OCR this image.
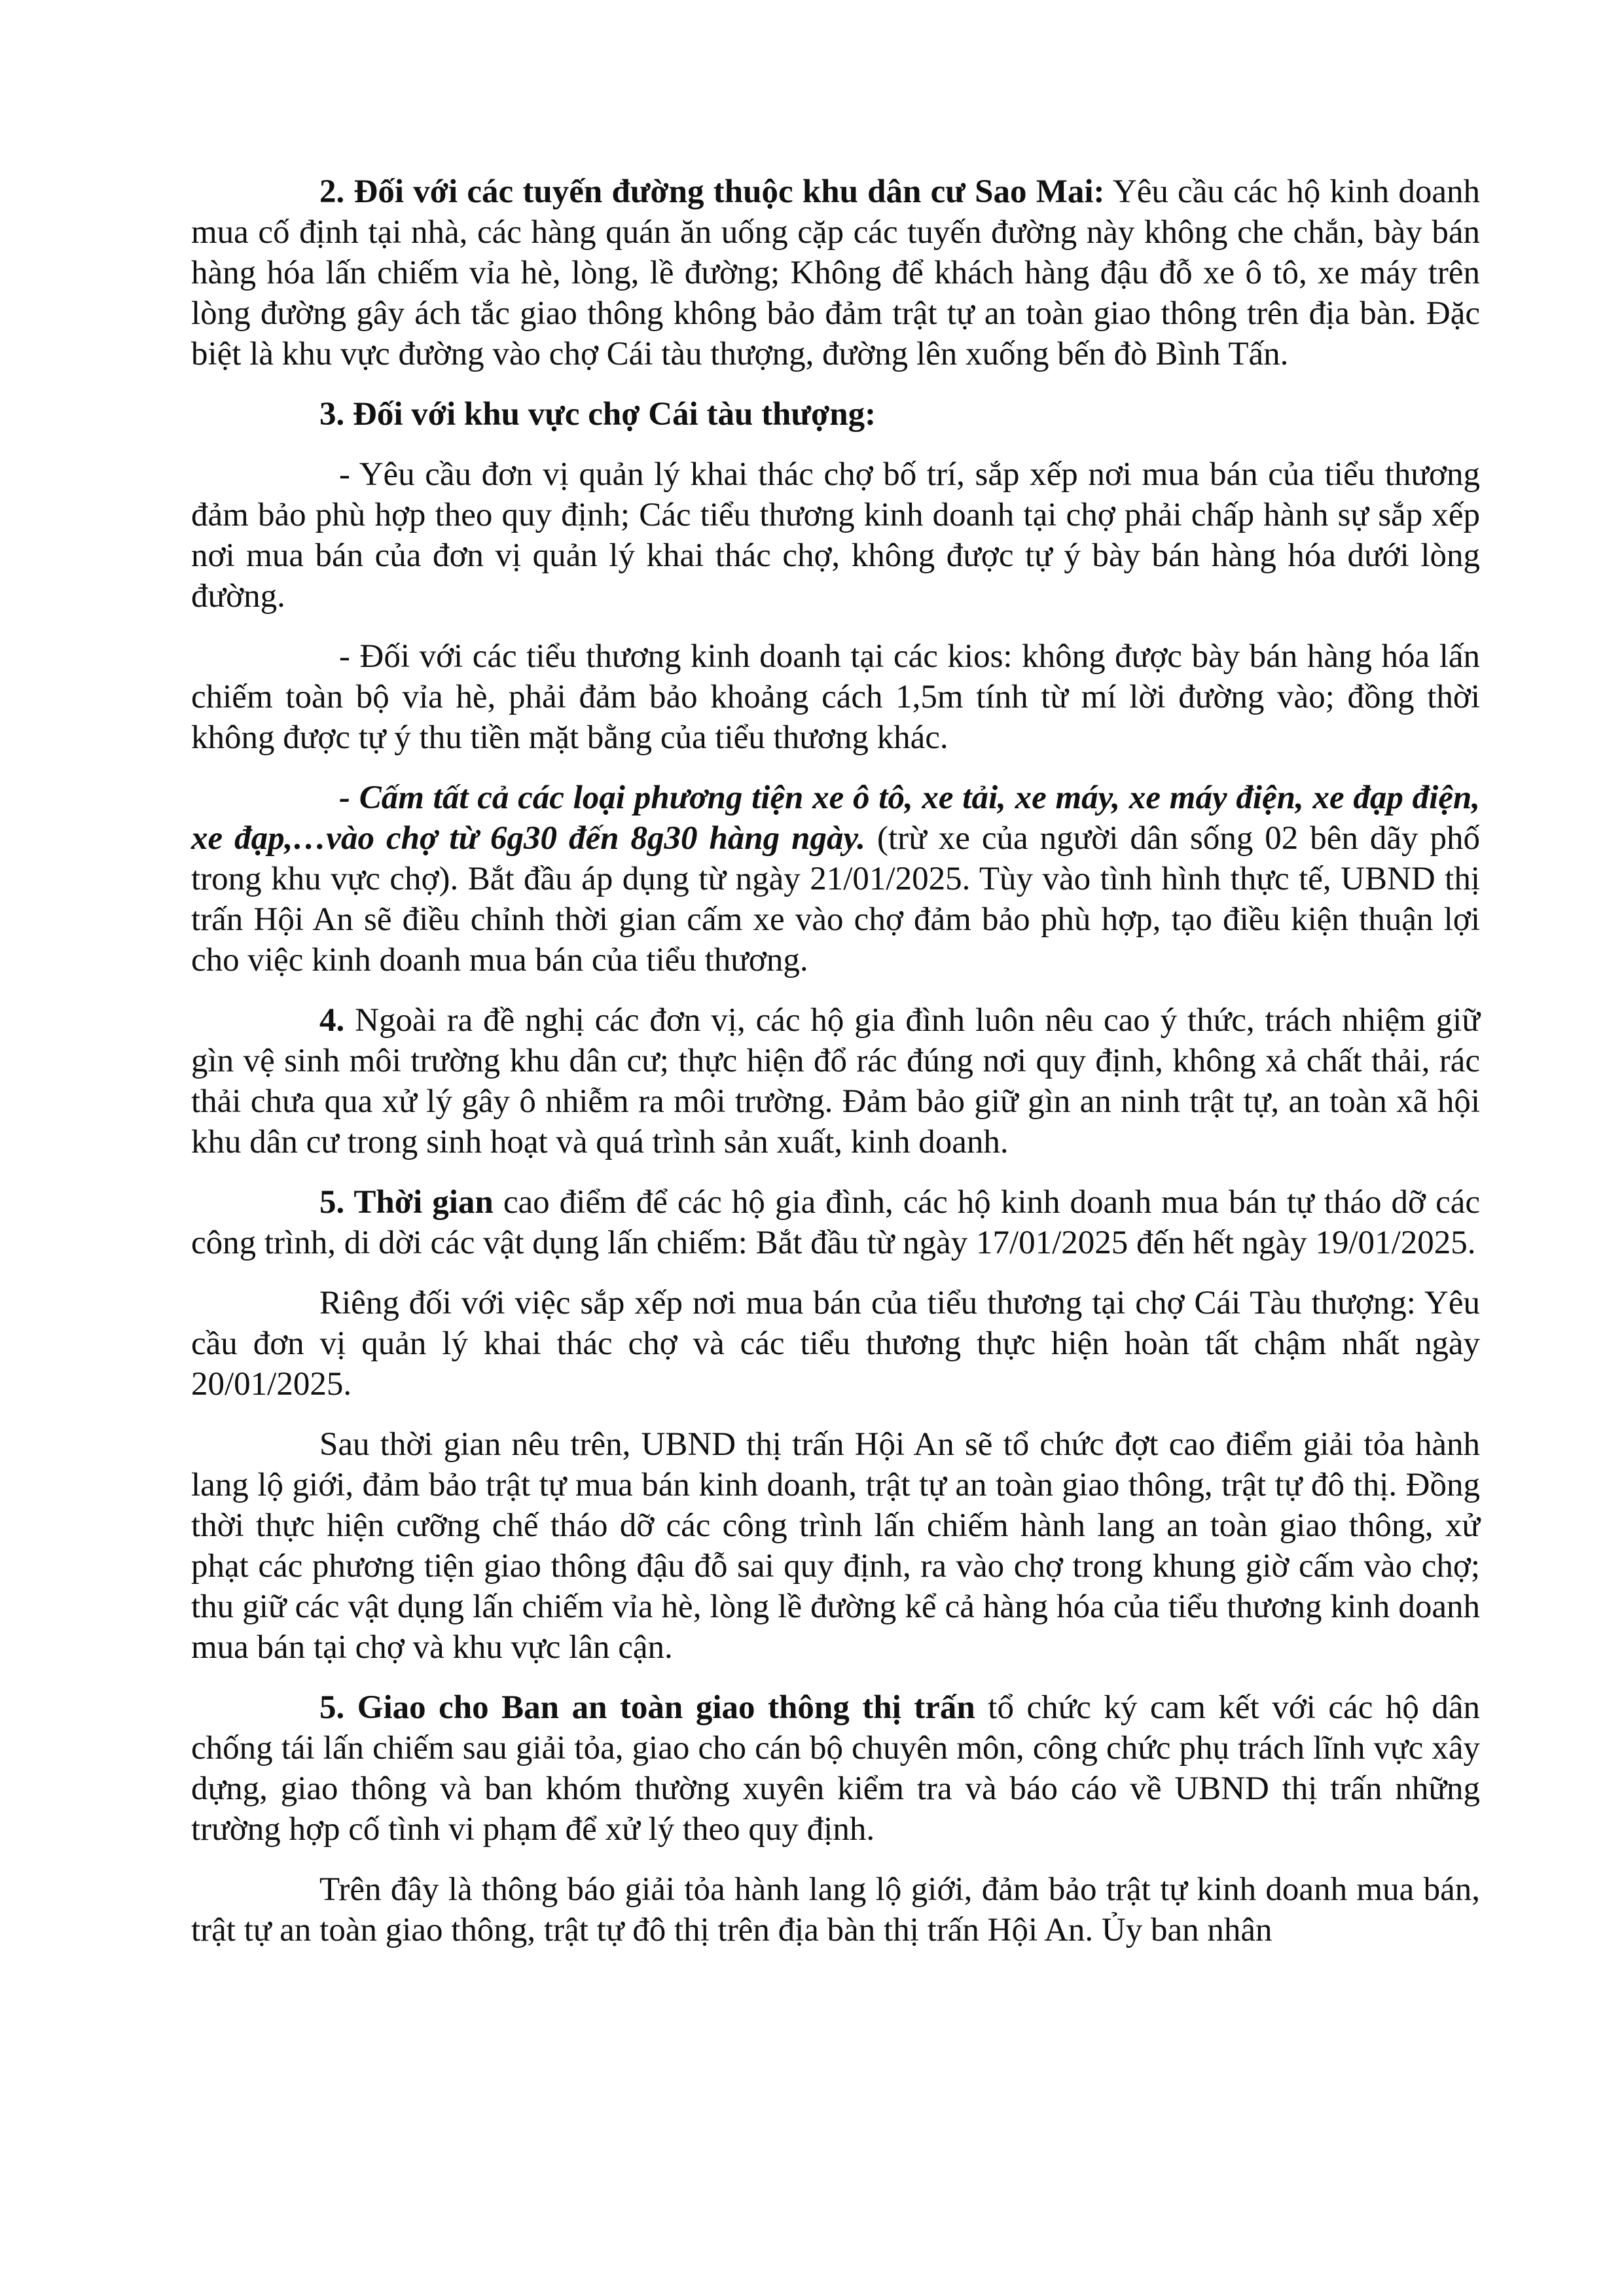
2. Đối với các tuyến đường thuộc khu dân cư Sao Mai: Yêu cầu các hộ kinh doanh mua cố định tại nhà, các hàng quán ăn uống cặp các tuyến đường này không che chắn, bày bán hàng hóa lấn chiếm vỉa hè, lòng, lề đường; Không để khách hàng đậu đỗ xe ô tô, xe máy trên lòng đường gây ách tắc giao thông không bảo đảm trật tự an toàn giao thông trên địa bàn. Đặc biệt là khu vực đường vào chợ Cái tàu thượng, đường lên xuống bến đò Bình Tấn.

3. Đối với khu vực chợ Cái tàu thượng:

- Yêu cầu đơn vị quản lý khai thác chợ bố trí, sắp xếp nơi mua bán của tiểu thương đảm bảo phù hợp theo quy định; Các tiểu thương kinh doanh tại chợ phải chấp hành sự sắp xếp nơi mua bán của đơn vị quản lý khai thác chợ, không được tự ý bày bán hàng hóa dưới lòng đường.

- Đối với các tiểu thương kinh doanh tại các kios: không được bày bán hàng hóa lấn chiếm toàn bộ vỉa hè, phải đảm bảo khoảng cách 1,5m tính từ mí lời đường vào; đồng thời không được tự ý thu tiền mặt bằng của tiểu thương khác.

- Cấm tất cả các loại phương tiện xe ô tô, xe tải, xe máy, xe máy điện, xe đạp điện, xe đạp,…vào chợ từ 6g30 đến 8g30 hàng ngày. (trừ xe của người dân sống 02 bên dãy phố trong khu vực chợ). Bắt đầu áp dụng từ ngày 21/01/2025. Tùy vào tình hình thực tế, UBND thị trấn Hội An sẽ điều chỉnh thời gian cấm xe vào chợ đảm bảo phù hợp, tạo điều kiện thuận lợi cho việc kinh doanh mua bán của tiểu thương.

4. Ngoài ra đề nghị các đơn vị, các hộ gia đình luôn nêu cao ý thức, trách nhiệm giữ gìn vệ sinh môi trường khu dân cư; thực hiện đổ rác đúng nơi quy định, không xả chất thải, rác thải chưa qua xử lý gây ô nhiễm ra môi trường. Đảm bảo giữ gìn an ninh trật tự, an toàn xã hội khu dân cư trong sinh hoạt và quá trình sản xuất, kinh doanh.

5. Thời gian cao điểm để các hộ gia đình, các hộ kinh doanh mua bán tự tháo dỡ các công trình, di dời các vật dụng lấn chiếm: Bắt đầu từ ngày 17/01/2025 đến hết ngày 19/01/2025.

Riêng đối với việc sắp xếp nơi mua bán của tiểu thương tại chợ Cái Tàu thượng: Yêu cầu đơn vị quản lý khai thác chợ và các tiểu thương thực hiện hoàn tất chậm nhất ngày 20/01/2025.

Sau thời gian nêu trên, UBND thị trấn Hội An sẽ tổ chức đợt cao điểm giải tỏa hành lang lộ giới, đảm bảo trật tự mua bán kinh doanh, trật tự an toàn giao thông, trật tự đô thị. Đồng thời thực hiện cưỡng chế tháo dỡ các công trình lấn chiếm hành lang an toàn giao thông, xử phạt các phương tiện giao thông đậu đỗ sai quy định, ra vào chợ trong khung giờ cấm vào chợ; thu giữ các vật dụng lấn chiếm vỉa hè, lòng lề đường kể cả hàng hóa của tiểu thương kinh doanh mua bán tại chợ và khu vực lân cận.

5. Giao cho Ban an toàn giao thông thị trấn tổ chức ký cam kết với các hộ dân chống tái lấn chiếm sau giải tỏa, giao cho cán bộ chuyên môn, công chức phụ trách lĩnh vực xây dựng, giao thông và ban khóm thường xuyên kiểm tra và báo cáo về UBND thị trấn những trường hợp cố tình vi phạm để xử lý theo quy định.

Trên đây là thông báo giải tỏa hành lang lộ giới, đảm bảo trật tự kinh doanh mua bán, trật tự an toàn giao thông, trật tự đô thị trên địa bàn thị trấn Hội An. Ủy ban nhân
